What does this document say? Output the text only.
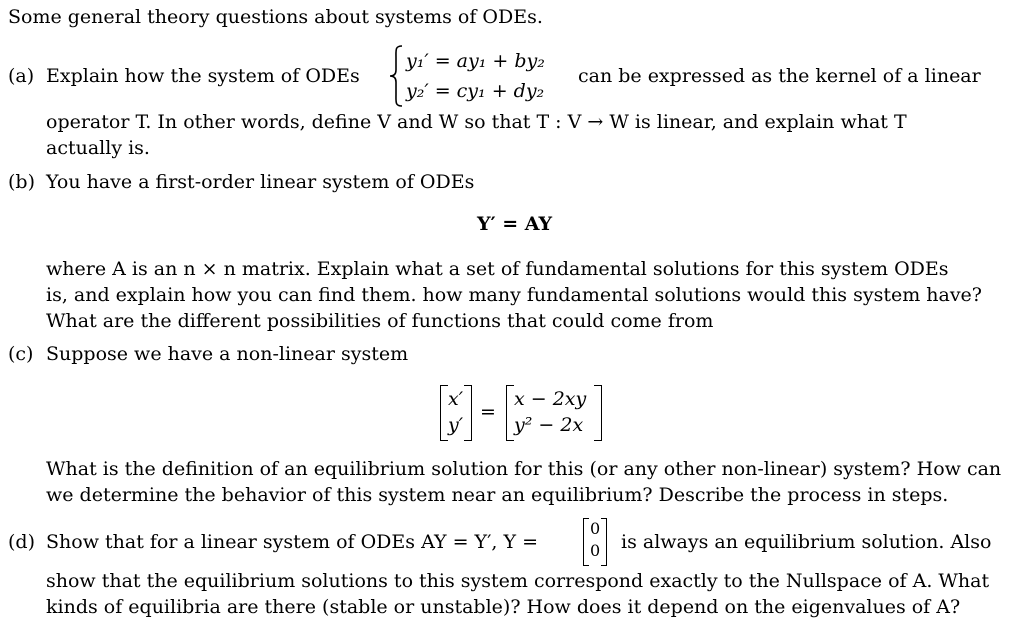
Some general theory questions about systems of ODEs.
(a) Explain how the system of ODEs
y₁′ = ay₁ + by₂
y₂′ = cy₁ + dy₂
can be expressed as the kernel of a linear
operator T. In other words, define V and W so that T : V → W is linear, and explain what T
actually is.
(b) You have a first-order linear system of ODEs
Y′ = AY
where A is an n × n matrix. Explain what a set of fundamental solutions for this system ODEs
is, and explain how you can find them. how many fundamental solutions would this system have?
What are the different possibilities of functions that could come from
(c) Suppose we have a non-linear system
x′
y′
=
x − 2xy
y² − 2x
What is the definition of an equilibrium solution for this (or any other non-linear) system? How can
we determine the behavior of this system near an equilibrium? Describe the process in steps.
(d) Show that for a linear system of ODEs AY = Y′, Y =
0
0 is always an equilibrium solution. Also
show that the equilibrium solutions to this system correspond exactly to the Nullspace of A. What
kinds of equilibria are there (stable or unstable)? How does it depend on the eigenvalues of A?
